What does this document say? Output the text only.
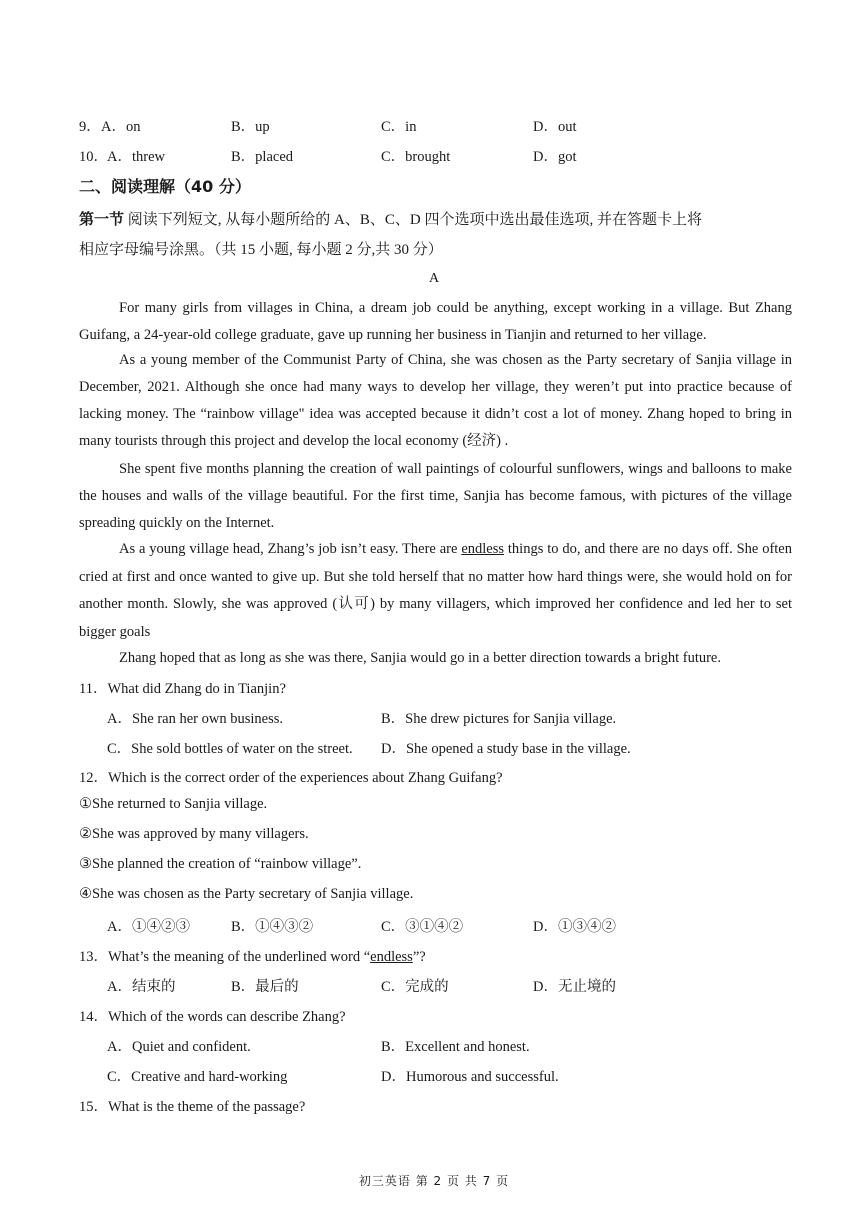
9． A．on	B．up	C．in	D．out
10． A．threw	B．placed	C．brought	D．got
二、阅读理解（40 分）
第一节 阅读下列短文, 从每小题所给的 A、B、C、D 四个选项中选出最佳选项, 并在答题卡上将
相应字母编号涂黑。（共 15 小题, 每小题 2 分,共 30 分）
A
For many girls from villages in China, a dream job could be anything, except working in a village. But Zhang Guifang, a 24-year-old college graduate, gave up running her business in Tianjin and returned to her village.
As a young member of the Communist Party of China, she was chosen as the Party secretary of Sanjia village in December, 2021. Although she once had many ways to develop her village, they weren’t put into practice because of lacking money. The “rainbow village" idea was accepted because it didn’t cost a lot of money. Zhang hoped to bring in many tourists through this project and develop the local economy (经济) .
She spent five months planning the creation of wall paintings of colourful sunflowers, wings and balloons to make the houses and walls of the village beautiful. For the first time, Sanjia has become famous, with pictures of the village spreading quickly on the Internet.
As a young village head, Zhang’s job isn’t easy. There are endless things to do, and there are no days off. She often cried at first and once wanted to give up. But she told herself that no matter how hard things were, she would hold on for another month. Slowly, she was approved (认可) by many villagers, which improved her confidence and led her to set bigger goals
Zhang hoped that as long as she was there, Sanjia would go in a better direction towards a bright future.
11．What did Zhang do in Tianjin?
A．She ran her own business.	B．She drew pictures for Sanjia village.
C．She sold bottles of water on the street. D．She opened a study base in the village.
12．Which is the correct order of the experiences about Zhang Guifang?
①She returned to Sanjia village.
②She was approved by many villagers.
③She planned the creation of “rainbow village”.
④She was chosen as the Party secretary of Sanjia village.
A．①④②③	B．①④③②	C．③①④②	D．①③④②
13．What’s the meaning of the underlined word “endless”?
A．结束的	B．最后的	C．完成的	D．无止境的
14．Which of the words can describe Zhang?
A．Quiet and confident.	B．Excellent and honest.
C．Creative and hard-working	D．Humorous and successful.
15．What is the theme of the passage?
初三英语 第 2 页 共 7 页
